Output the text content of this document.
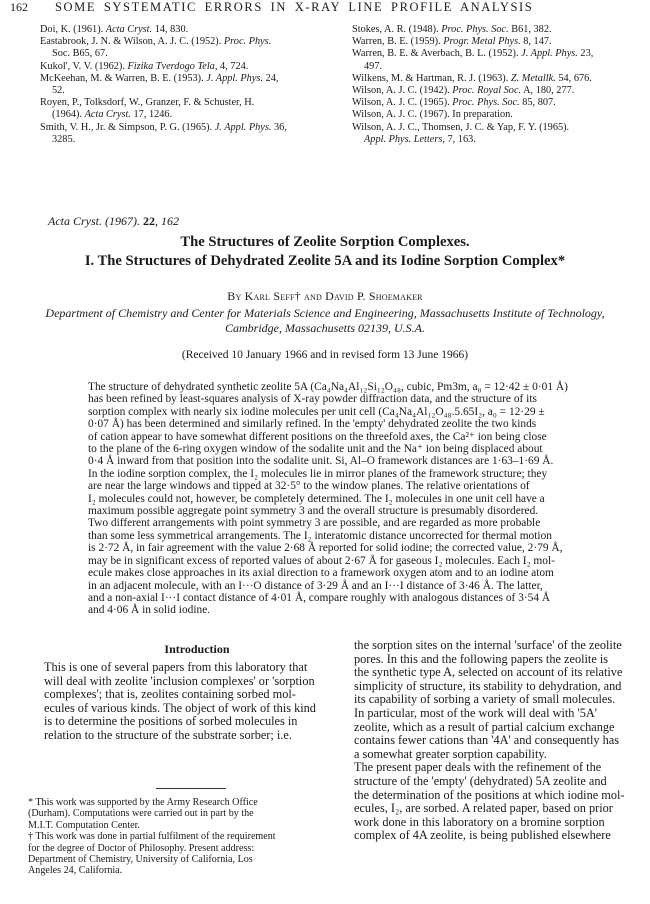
162 SOME SYSTEMATIC ERRORS IN X-RAY LINE PROFILE ANALYSIS
Doi, K. (1961). Acta Cryst. 14, 830.
Eastabrook, J. N. & Wilson, A. J. C. (1952). Proc. Phys.
Soc. B65, 67.
Kukol', V. V. (1962). Fizika Tverdogo Tela, 4, 724.
McKeehan, M. & Warren, B. E. (1953). J. Appl. Phys. 24,
52.
Royen, P., Tolksdorf, W., Granzer, F. & Schuster, H.
(1964). Acta Cryst. 17, 1246.
Smith, V. H., Jr. & Simpson, P. G. (1965). J. Appl. Phys. 36,
3285.
Stokes, A. R. (1948). Proc. Phys. Soc. B61, 382.
Warren, B. E. (1959). Progr. Metal Phys. 8, 147.
Warren, B. E. & Averbach, B. L. (1952). J. Appl. Phys. 23,
497.
Wilkens, M. & Hartman, R. J. (1963). Z. Metallk. 54, 676.
Wilson, A. J. C. (1942). Proc. Royal Soc. A, 180, 277.
Wilson, A. J. C. (1965). Proc. Phys. Soc. 85, 807.
Wilson, A. J. C. (1967). In preparation.
Wilson, A. J. C., Thomsen, J. C. & Yap, F. Y. (1965).
Appl. Phys. Letters, 7, 163.
Acta Cryst. (1967). 22, 162
The Structures of Zeolite Sorption Complexes.
I. The Structures of Dehydrated Zeolite 5A and its Iodine Sorption Complex*
By Karl Seff† and David P. Shoemaker
Department of Chemistry and Center for Materials Science and Engineering, Massachusetts Institute of Technology,
Cambridge, Massachusetts 02139, U.S.A.
(Received 10 January 1966 and in revised form 13 June 1966)
The structure of dehydrated synthetic zeolite 5A (Ca₄Na₄Al₁₂Si₁₂O₄₈, cubic, Pm3m, a₀ = 12·42 ± 0·01 Å)
has been refined by least-squares analysis of X-ray powder diffraction data, and the structure of its
sorption complex with nearly six iodine molecules per unit cell (Ca₄Na₄Al₁₂O₄₈.5.65I₂, a₀ = 12·29 ±
0·07 Å) has been determined and similarly refined. In the 'empty' dehydrated zeolite the two kinds
of cation appear to have somewhat different positions on the threefold axes, the Ca²⁺ ion being close
to the plane of the 6-ring oxygen window of the sodalite unit and the Na⁺ ion being displaced about
0·4 Å inward from that position into the sodalite unit. Si, Al–O framework distances are 1·63–1·69 Å.
In the iodine sorption complex, the I₂ molecules lie in mirror planes of the framework structure; they
are near the large windows and tipped at 32·5° to the window planes. The relative orientations of
I₂ molecules could not, however, be completely determined. The I₂ molecules in one unit cell have a
maximum possible aggregate point symmetry 3 and the overall structure is presumably disordered.
Two different arrangements with point symmetry 3 are possible, and are regarded as more probable
than some less symmetrical arrangements. The I₂ interatomic distance uncorrected for thermal motion
is 2·72 Å, in fair agreement with the value 2·68 Å reported for solid iodine; the corrected value, 2·79 Å,
may be in significant excess of reported values of about 2·67 Å for gaseous I₂ molecules. Each I₂ mol-
ecule makes close approaches in its axial direction to a framework oxygen atom and to an iodine atom
in an adjacent molecule, with an I···O distance of 3·29 Å and an I···I distance of 3·46 Å. The latter,
and a non-axial I···I contact distance of 4·01 Å, compare roughly with analogous distances of 3·54 Å
and 4·06 Å in solid iodine.
Introduction
This is one of several papers from this laboratory that
will deal with zeolite 'inclusion complexes' or 'sorption
complexes'; that is, zeolites containing sorbed mol-
ecules of various kinds. The object of work of this kind
is to determine the positions of sorbed molecules in
relation to the structure of the substrate sorber; i.e.
the sorption sites on the internal 'surface' of the zeolite
pores. In this and the following papers the zeolite is
the synthetic type A, selected on account of its relative
simplicity of structure, its stability to dehydration, and
its capability of sorbing a variety of small molecules.
In particular, most of the work will deal with '5A'
zeolite, which as a result of partial calcium exchange
contains fewer cations than '4A' and consequently has
a somewhat greater sorption capability.
The present paper deals with the refinement of the
structure of the 'empty' (dehydrated) 5A zeolite and
the determination of the positions at which iodine mol-
ecules, I₂, are sorbed. A related paper, based on prior
work done in this laboratory on a bromine sorption
complex of 4A zeolite, is being published elsewhere
* This work was supported by the Army Research Office
(Durham). Computations were carried out in part by the
M.I.T. Computation Center.
† This work was done in partial fulfilment of the requirement
for the degree of Doctor of Philosophy. Present address:
Department of Chemistry, University of California, Los
Angeles 24, California.
